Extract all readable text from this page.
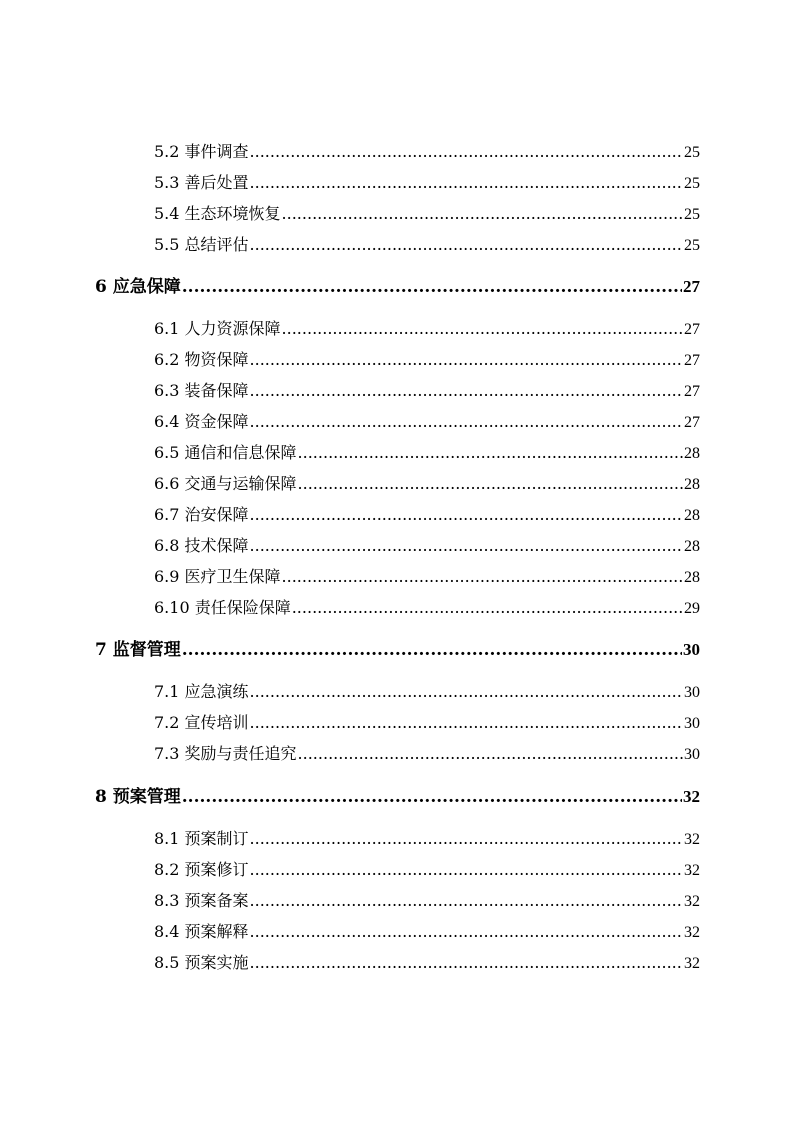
5.2 事件调查 .....	25
5.3 善后处置 .....	25
5.4 生态环境恢复 .....	25
5.5 总结评估 .....	25
6 应急保障 .....	27
6.1 人力资源保障 .....	27
6.2 物资保障 .....	27
6.3 装备保障 .....	27
6.4 资金保障 .....	27
6.5 通信和信息保障 .....	28
6.6 交通与运输保障 .....	28
6.7 治安保障 .....	28
6.8 技术保障 .....	28
6.9 医疗卫生保障 .....	28
6.10 责任保险保障 .....	29
7 监督管理 .....	30
7.1 应急演练 .....	30
7.2 宣传培训 .....	30
7.3 奖励与责任追究 .....	30
8 预案管理 .....	32
8.1 预案制订 .....	32
8.2 预案修订 .....	32
8.3 预案备案 .....	32
8.4 预案解释 .....	32
8.5 预案实施 .....	32
